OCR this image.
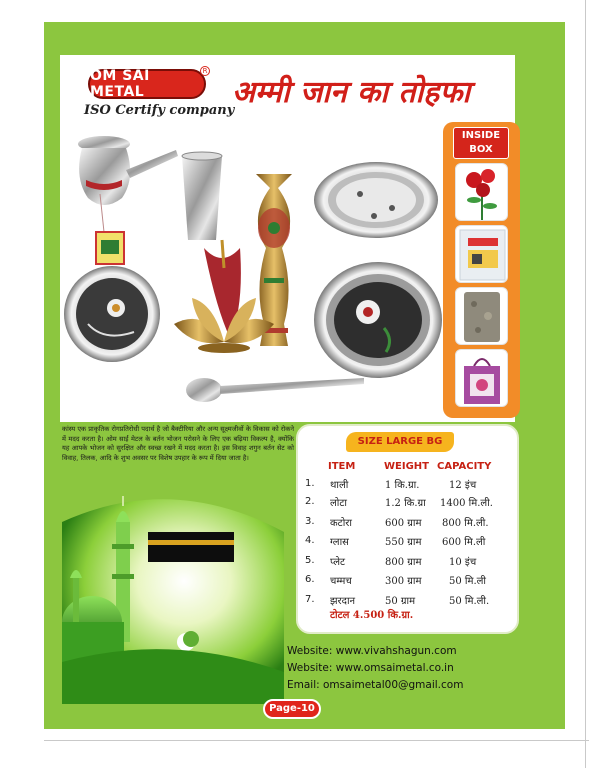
OM SAI METAL
R
ISO Certify company
अम्मी जान का तोहफा
INSIDE
BOX
कांस्य एक प्राकृतिक रोगप्रतिरोधी पदार्थ है जो बैक्टीरिया और अन्य सूक्ष्मजीवों के विकास को रोकने में मदद करता है। ओम साईं मेटल के बर्तन भोजन परोसने के लिए एक बढ़िया विकल्प है, क्योंकि यह आपके भोजन को सुरक्षित और स्वच्छ रखने में मदद करता है। इस विवाह शगुन बर्तन सेट को विवाह, तिलक, आदि के शुभ अवसर पर विशेष उपहार के रूप में दिया जाता है।
SIZE LARGE BG
ITEM	WEIGHT CAPACITY
1. थाली	1 कि.ग्रा.	12 इंच
2. लोटा	1.2 कि.ग्रा 1400 मि.ली.
3. कटोरा	600 ग्राम 800 मि.ली.
4. ग्लास	550 ग्राम 600 मि.ली
5. प्लेट	800 ग्राम	10 इंच
6. चम्मच	300 ग्राम	50 मि.ली
7. झरदान	50 ग्राम	50 मि.ली.
टोटल 4.500 कि.ग्रा.
Website: www.vivahshagun.com
Website: www.omsaimetal.co.in
Email: omsaimetal00@gmail.com
Page-10
